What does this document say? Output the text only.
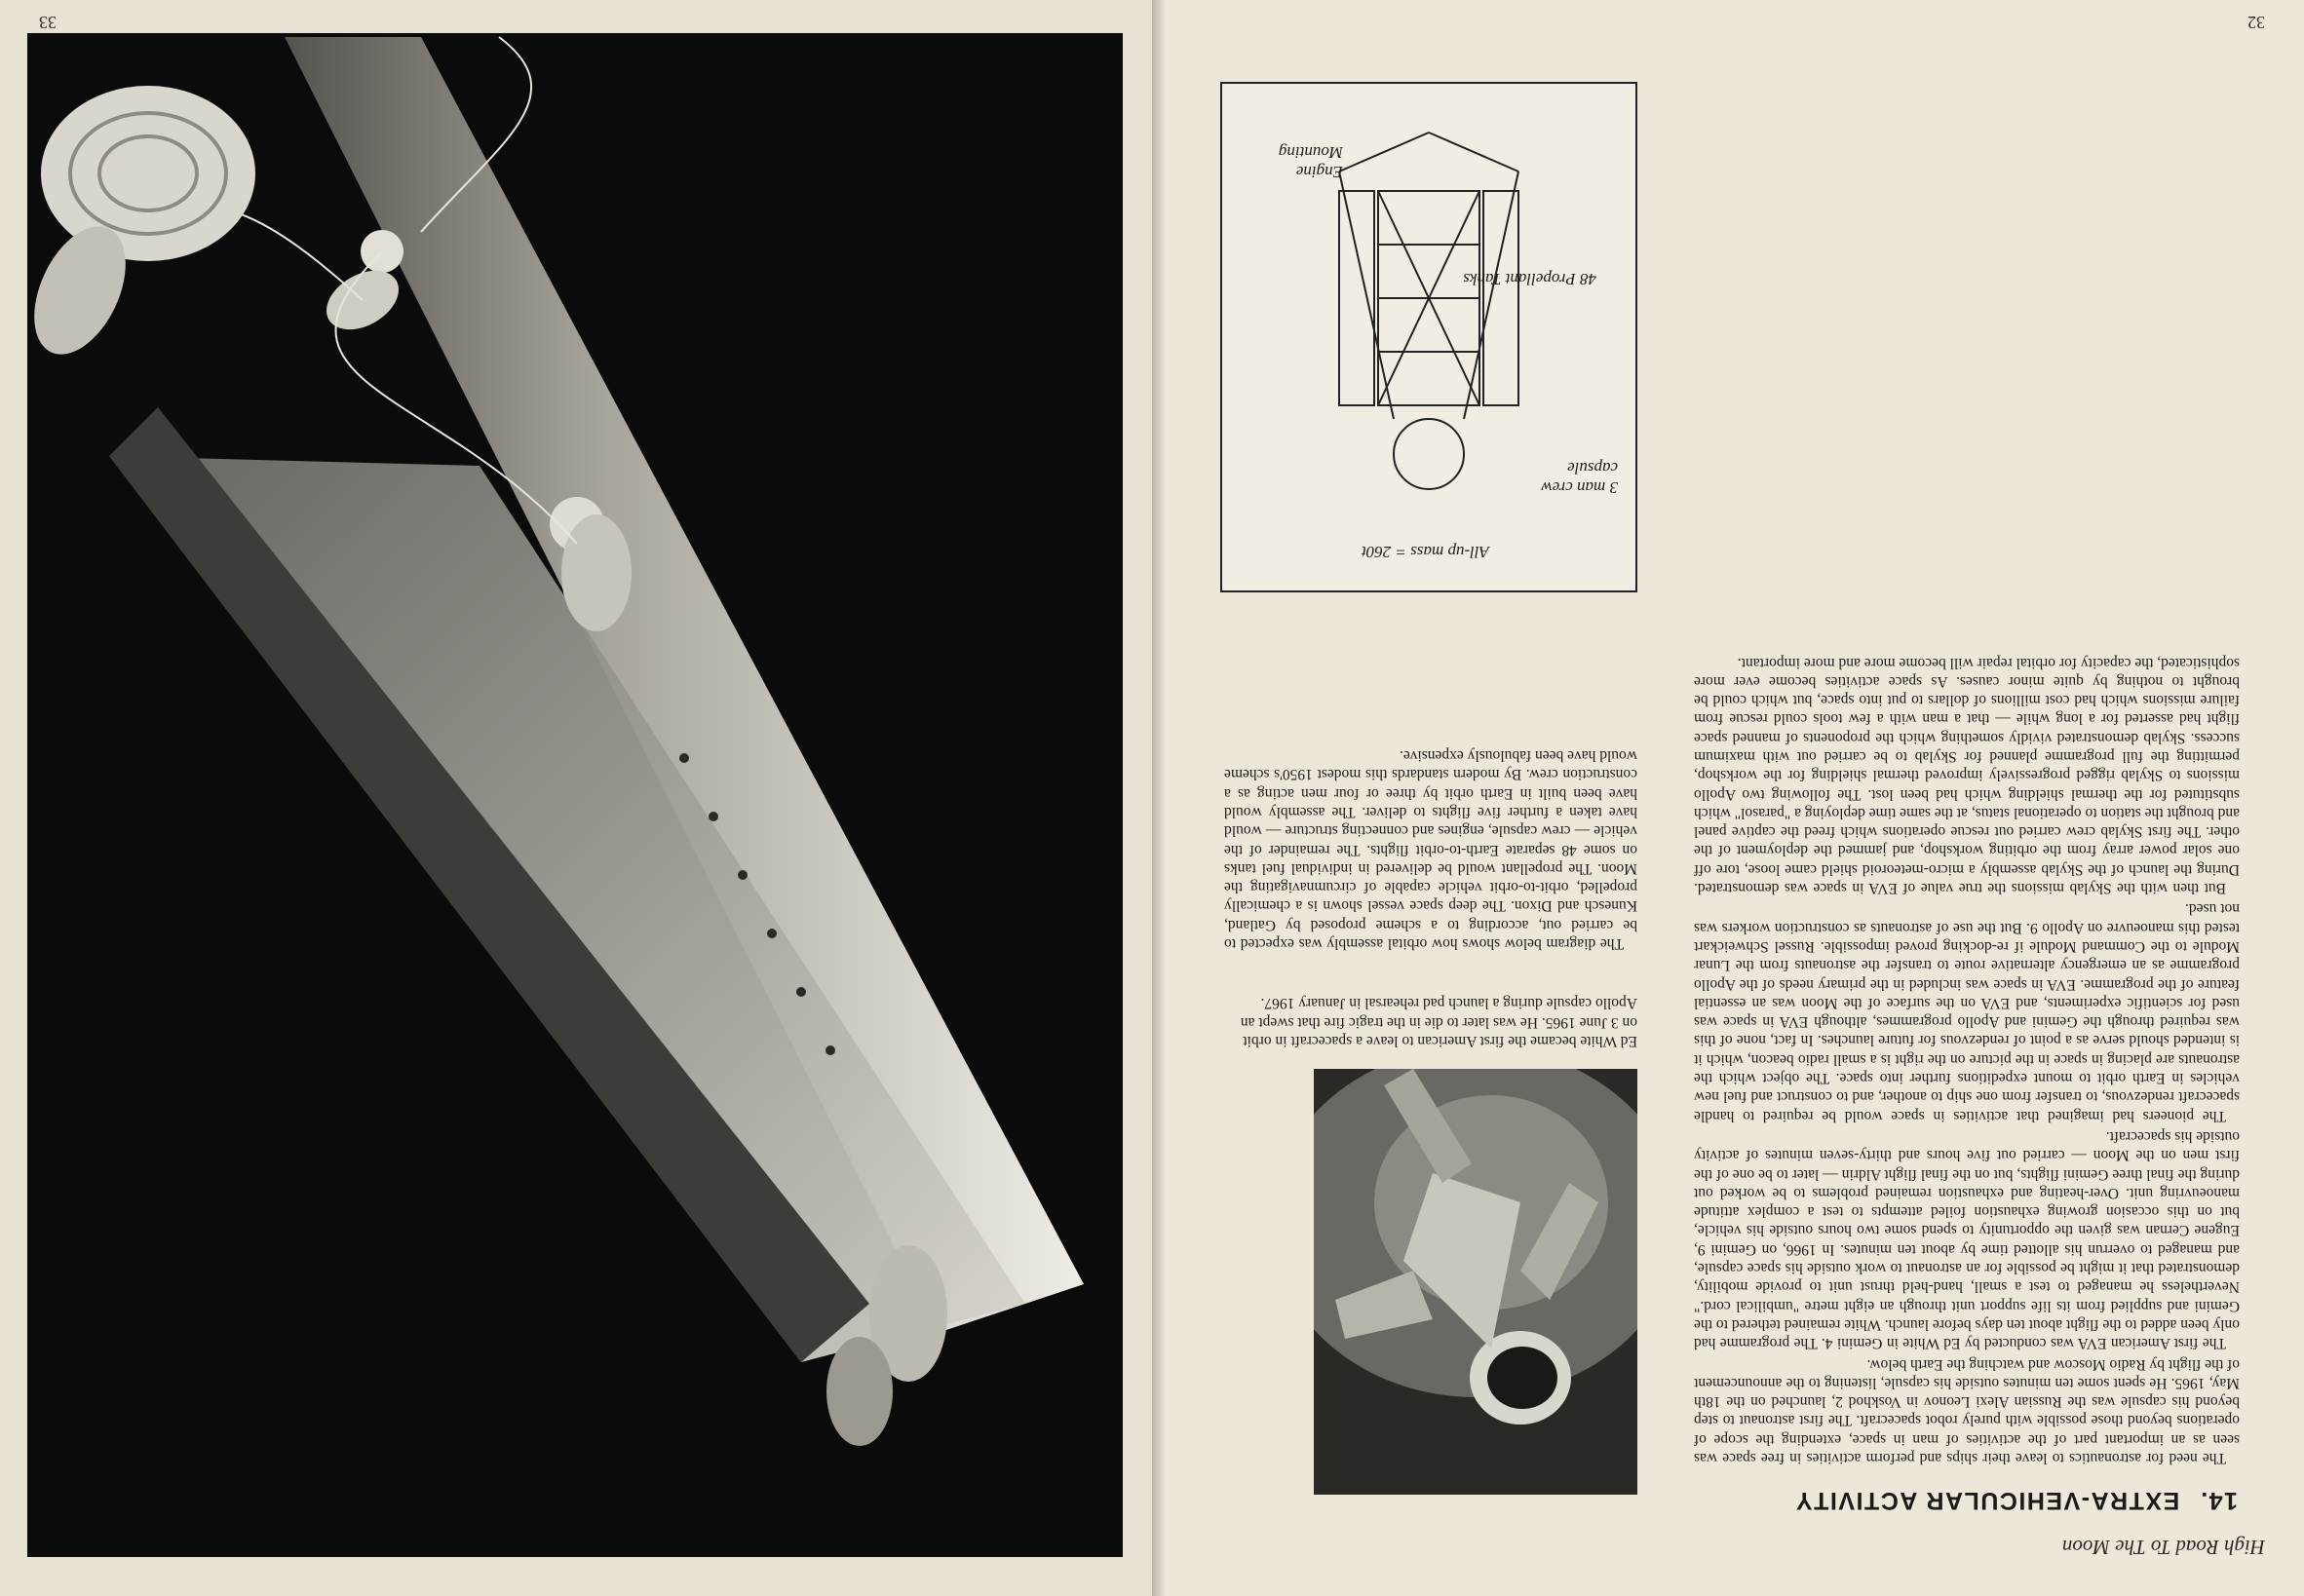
High Road To The Moon
32
14. EXTRA-VEHICULAR ACTIVITY

The need for astronautics to leave their ships and perform activities in free space was seen as an important part of the activities of man in space, extending the scope of operations beyond those possible with purely robot spacecraft. The first astronaut to step beyond his capsule was the Russian Alexi Leonov in Voskhod 2, launched on the 18th May, 1965. He spent some ten minutes outside his capsule, listening to the announcement of the flight by Radio Moscow and watching the Earth below.

The first American EVA was conducted by Ed White in Gemini 4. The programme had only been added to the flight about ten days before launch. White remained tethered to the Gemini and supplied from its life support unit through an eight metre "umbilical cord." Nevertheless he managed to test a small, hand-held thrust unit to provide mobility, demonstrated that it might be possible for an astronaut to work outside his space capsule, and managed to overrun his allotted time by about ten minutes. In 1966, on Gemini 9, Eugene Cernan was given the opportunity to spend some two hours outside his vehicle, but on this occasion growing exhaustion foiled attempts to test a complex attitude manoeuvring unit. Over-heating and exhaustion remained problems to be worked out during the final three Gemini flights, but on the final flight Aldrin — later to be one of the first men on the Moon — carried out five hours and thirty-seven minutes of activity outside his spacecraft.

The pioneers had imagined that activities in space would be required to handle spacecraft rendezvous, to transfer from one ship to another, and to construct and fuel new vehicles in Earth orbit to mount expeditions further into space. The object which the astronauts are placing in space in the picture on the right is a small radio beacon, which it is intended should serve as a point of rendezvous for future launches. In fact, none of this was required through the Gemini and Apollo programmes, although EVA in space was used for scientific experiments, and EVA on the surface of the Moon was an essential feature of the programme. EVA in space was included in the primary needs of the Apollo programme as an emergency alternative route to transfer the astronauts from the Lunar Module to the Command Module if re-docking proved impossible. Russel Schweickart tested this manoeuvre on Apollo 9. But the use of astronauts as construction workers was not used.

But then with the Skylab missions the true value of EVA in space was demonstrated. During the launch of the Skylab assembly a micro-meteoroid shield came loose, tore off one solar power array from the orbiting workshop, and jammed the deployment of the other. The first Skylab crew carried out rescue operations which freed the captive panel and brought the station to operational status, at the same time deploying a "parasol" which substituted for the thermal shielding which had been lost. The following two Apollo missions to Skylab rigged progressively improved thermal shielding for the workshop, permitting the full programme planned for Skylab to be carried out with maximum success. Skylab demonstrated vividly something which the proponents of manned space flight had asserted for a long while — that a man with a few tools could rescue from failure missions which had cost millions of dollars to put into space, but which could be brought to nothing by quite minor causes. As space activities become ever more sophisticated, the capacity for orbital repair will become more and more important.

Ed White became the first American to leave a spacecraft in orbit on 3 June 1965. He was later to die in the tragic fire that swept an Apollo capsule during a launch pad rehearsal in January 1967.

The diagram below shows how orbital assembly was expected to be carried out, according to a scheme proposed by Gatland, Kunesch and Dixon. The deep space vessel shown is a chemically propelled, orbit-to-orbit vehicle capable of circumnavigating the Moon. The propellant would be delivered in individual fuel tanks on some 48 separate Earth-to-orbit flights. The remainder of the vehicle — crew capsule, engines and connecting structure — would have taken a further five flights to deliver. The assembly would have been built in Earth orbit by three or four men acting as a construction crew. By modern standards this modest 1950's scheme would have been fabulously expensive.

3 man crew capsule
48 Propellant Tanks
Engine Mounting
All-up mass = 260t
33
